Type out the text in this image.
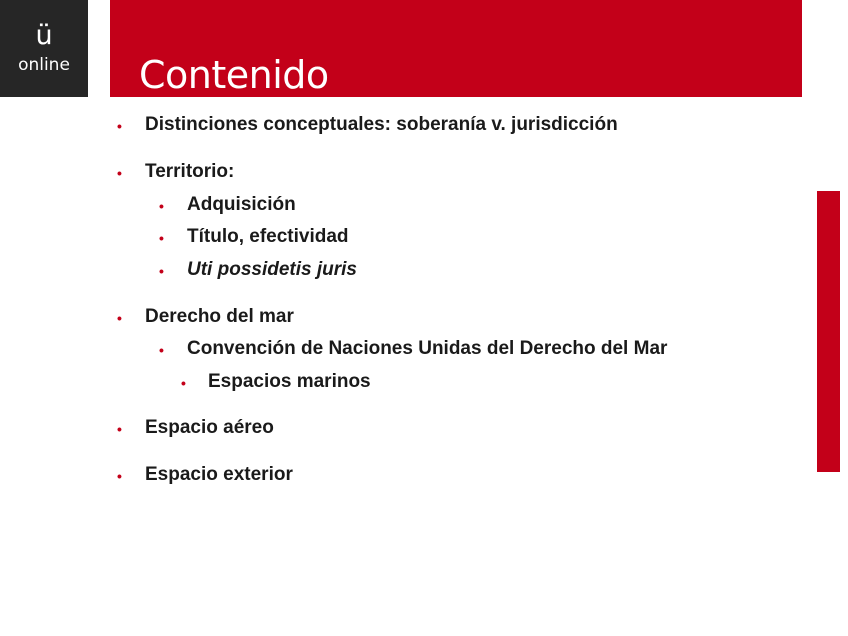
ü
online	Contenido
• Distinciones conceptuales: soberanía v. jurisdicción
• Territorio:
• Adquisición
• Título, efectividad
• Uti possidetis juris
• Derecho del mar
• Convención de Naciones Unidas del Derecho del Mar
• Espacios marinos
• Espacio aéreo
• Espacio exterior
